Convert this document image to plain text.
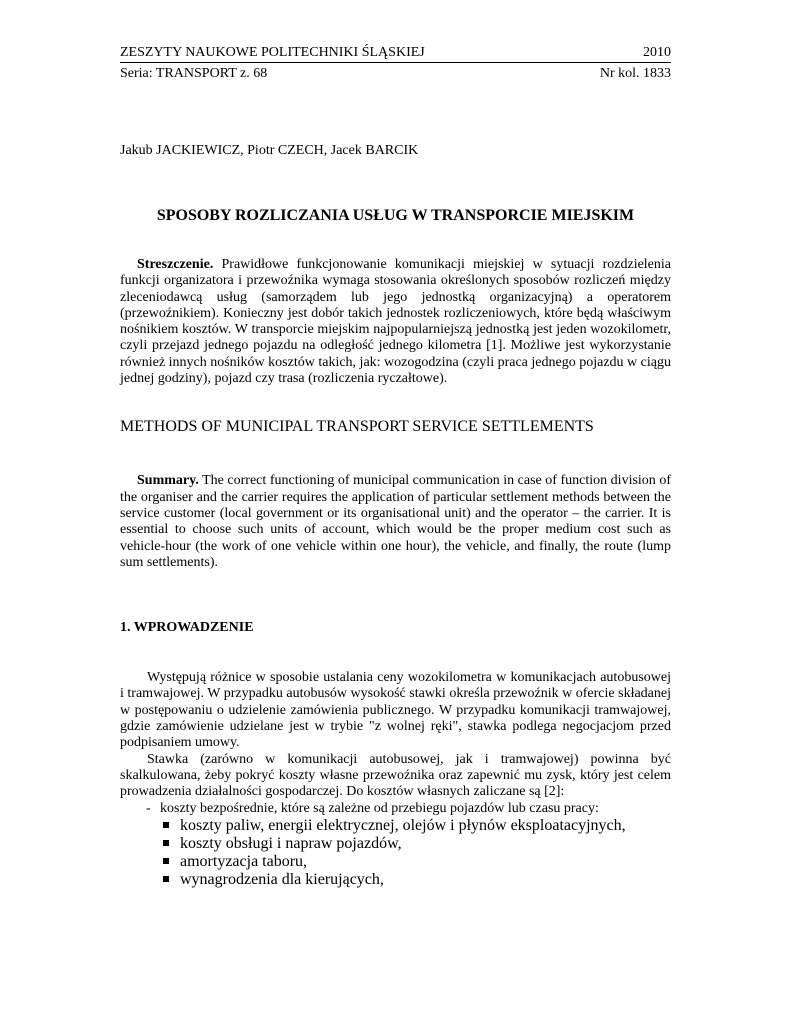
ZESZYTY NAUKOWE POLITECHNIKI ŚLĄSKIEJ	2010
Seria: TRANSPORT z. 68	Nr kol. 1833
Jakub JACKIEWICZ, Piotr CZECH, Jacek BARCIK
SPOSOBY ROZLICZANIA USŁUG W TRANSPORCIE MIEJSKIM

Streszczenie. Prawidłowe funkcjonowanie komunikacji miejskiej w sytuacji rozdzielenia funkcji organizatora i przewoźnika wymaga stosowania określonych sposobów rozliczeń między zleceniodawcą usług (samorządem lub jego jednostką organizacyjną) a operatorem (przewoźnikiem). Konieczny jest dobór takich jednostek rozliczeniowych, które będą właściwym nośnikiem kosztów. W transporcie miejskim najpopularniejszą jednostką jest jeden wozokilometr, czyli przejazd jednego pojazdu na odległość jednego kilometra [1]. Możliwe jest wykorzystanie również innych nośników kosztów takich, jak: wozogodzina (czyli praca jednego pojazdu w ciągu jednej godziny), pojazd czy trasa (rozliczenia ryczałtowe).

METHODS OF MUNICIPAL TRANSPORT SERVICE SETTLEMENTS

Summary. The correct functioning of municipal communication in case of function division of the organiser and the carrier requires the application of particular settlement methods between the service customer (local government or its organisational unit) and the operator – the carrier. It is essential to choose such units of account, which would be the proper medium cost such as vehicle-hour (the work of one vehicle within one hour), the vehicle, and finally, the route (lump sum settlements).

1. WPROWADZENIE

Występują różnice w sposobie ustalania ceny wozokilometra w komunikacjach autobusowej i tramwajowej. W przypadku autobusów wysokość stawki określa przewoźnik w ofercie składanej w postępowaniu o udzielenie zamówienia publicznego. W przypadku komunikacji tramwajowej, gdzie zamówienie udzielane jest w trybie "z wolnej ręki", stawka podlega negocjacjom przed podpisaniem umowy.

Stawka (zarówno w komunikacji autobusowej, jak i tramwajowej) powinna być skalkulowana, żeby pokryć koszty własne przewoźnika oraz zapewnić mu zysk, który jest celem prowadzenia działalności gospodarczej. Do kosztów własnych zaliczane są [2]:

- koszty bezpośrednie, które są zależne od przebiegu pojazdów lub czasu pracy:
koszty paliw, energii elektrycznej, olejów i płynów eksploatacyjnych,
koszty obsługi i napraw pojazdów,
amortyzacja taboru,
wynagrodzenia dla kierujących,
